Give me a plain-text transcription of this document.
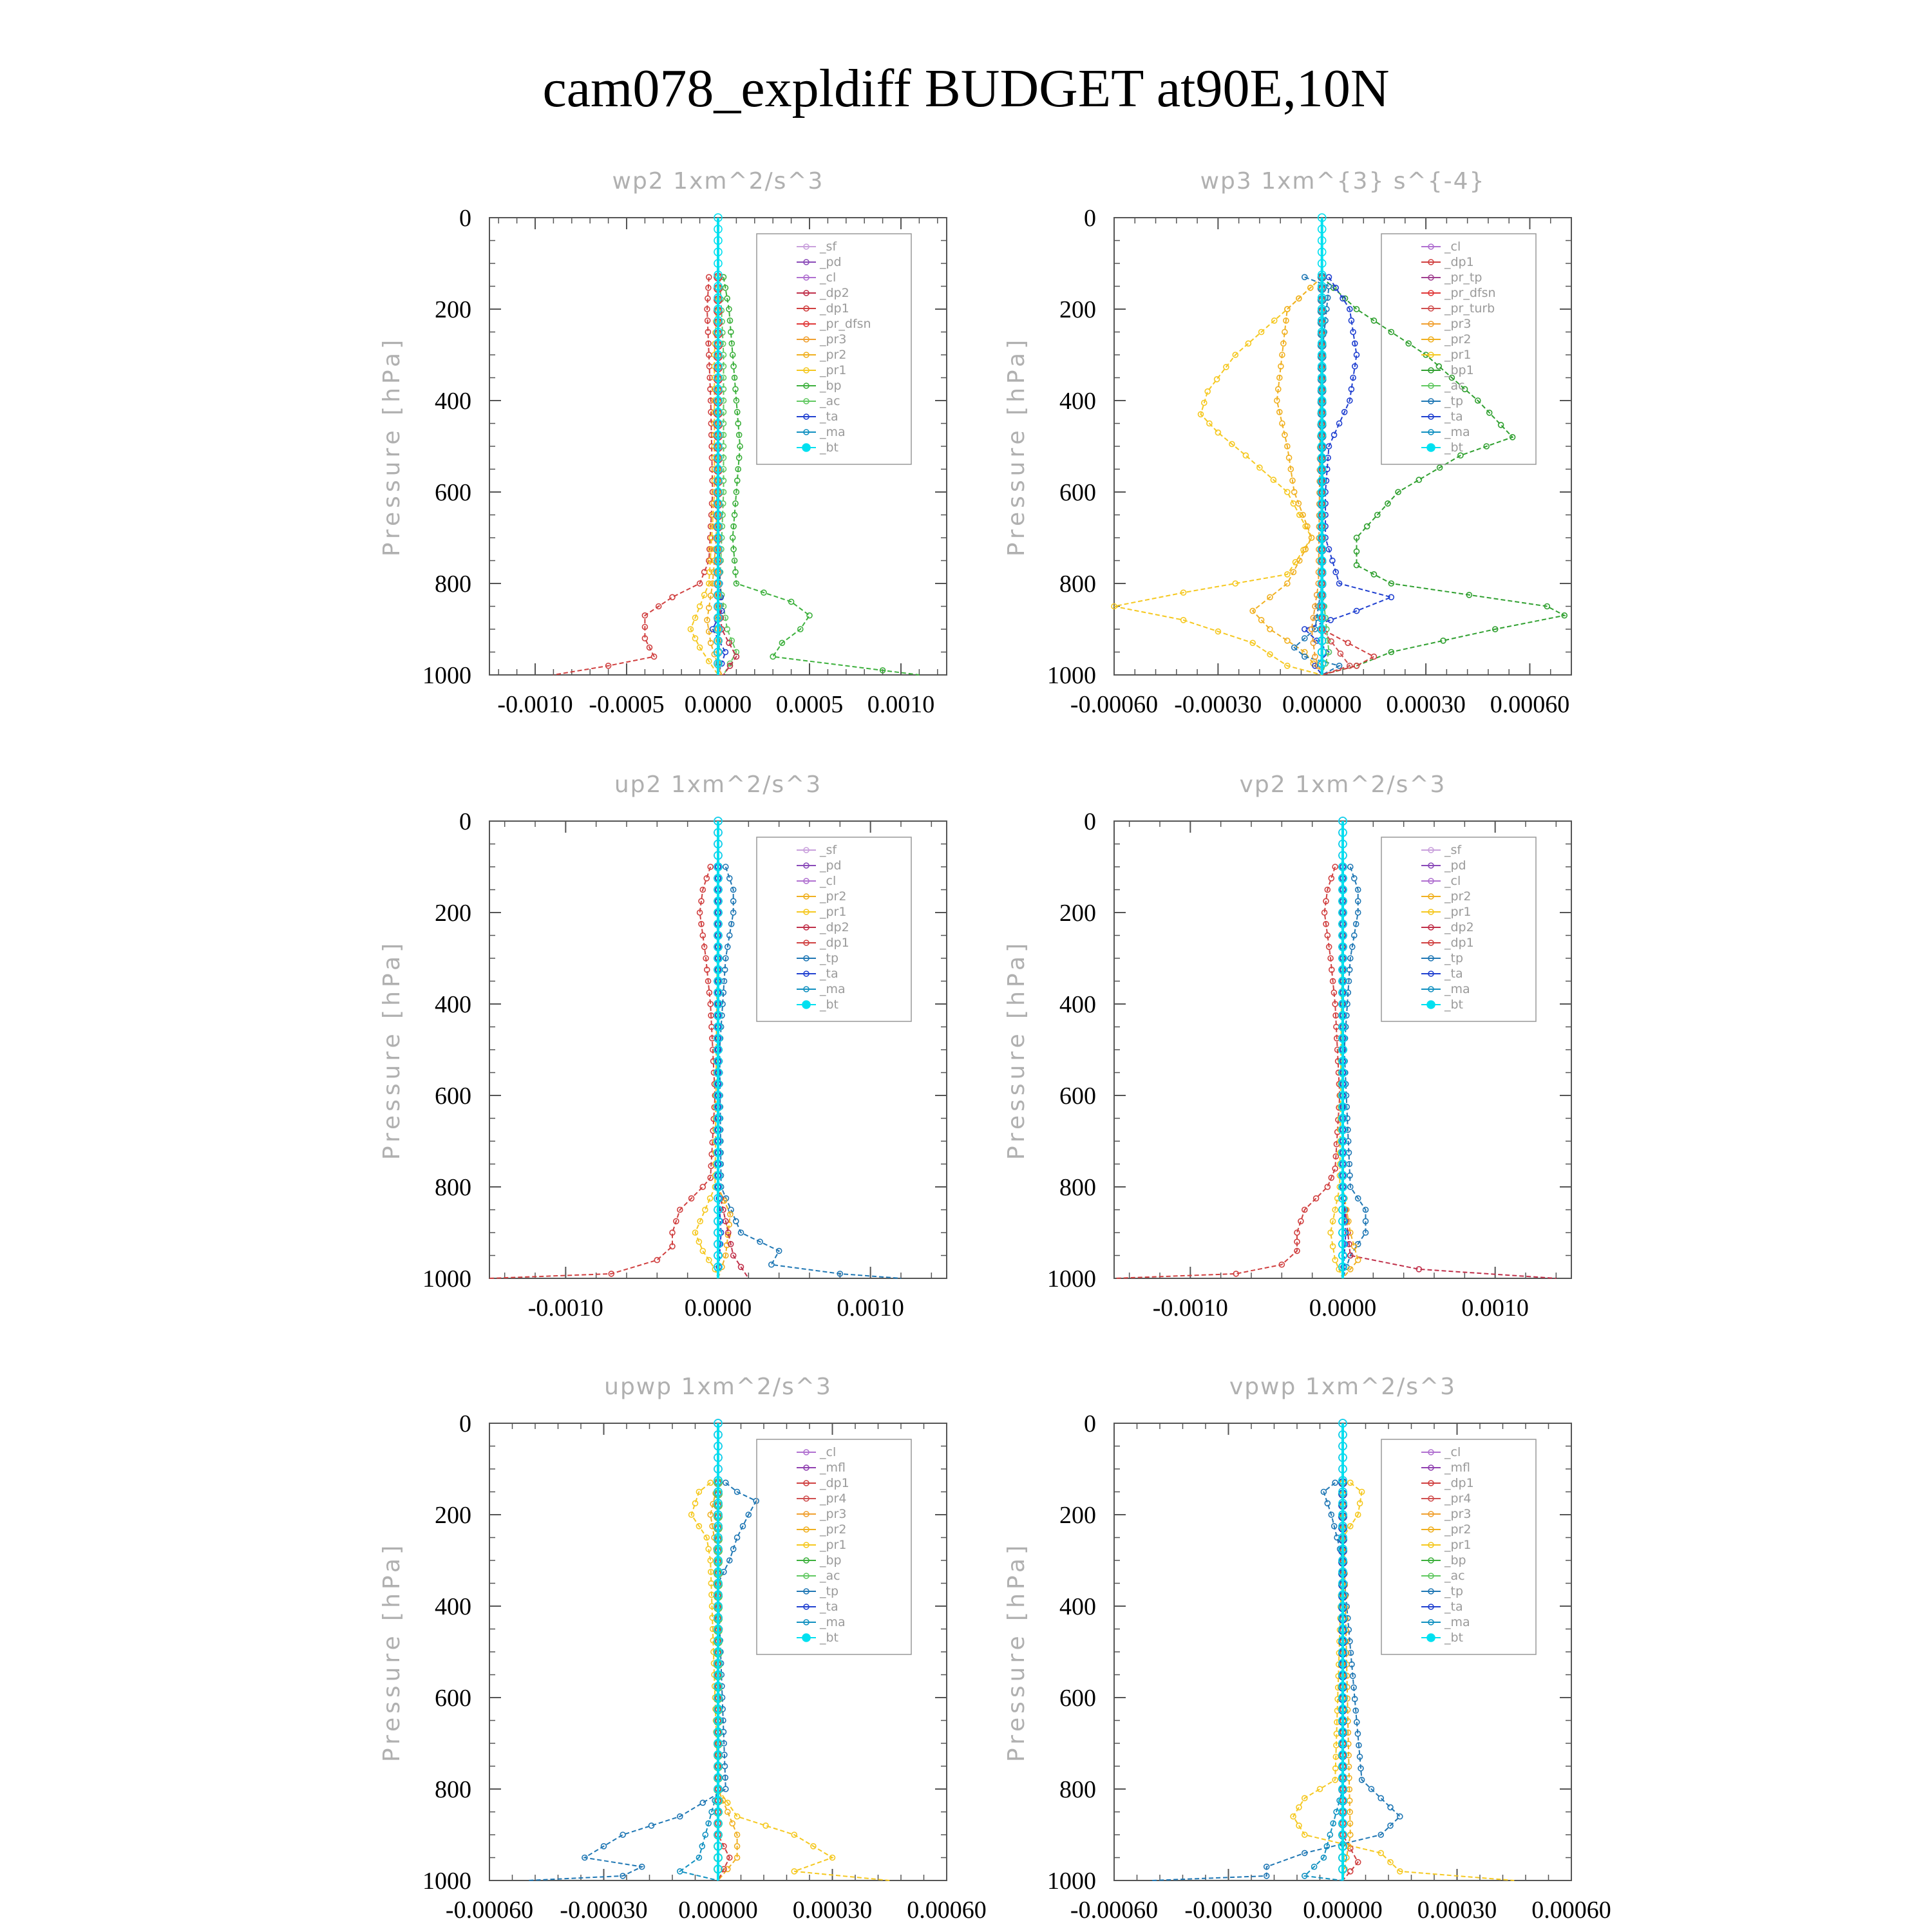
cam078_expldiff BUDGET at90E,10N
wp2 1xm^2/s^3
Pressure [hPa]
0
200
400
600
800
1000
-0.0010 -0.0005 0.0000 0.0005 0.0010
_sf
_pd
_cl
_dp2
_dp1
_pr_dfsn
_pr3
_pr2
_pr1
_bp
_ac
_ta
_ma
_bt
wp3 1xm^{3} s^{-4}
Pressure [hPa]
0
200
400
600
800
1000
-0.00060 -0.00030 0.00000 0.00030 0.00060
_cl
_dp1
_pr_tp
_pr_dfsn
_pr_turb
_pr3
_pr2
_pr1
_bp1
_ac
_tp
_ta
_ma
_bt
up2 1xm^2/s^3
Pressure [hPa]
0
200
400
600
800
1000
-0.0010	0.0000	0.0010
_sf
_pd
_cl
_pr2
_pr1
_dp2
_dp1
_tp
_ta
_ma
_bt
vp2 1xm^2/s^3
Pressure [hPa]
0
200
400
600
800
1000
-0.0010	0.0000	0.0010
_sf
_pd
_cl
_pr2
_pr1
_dp2
_dp1
_tp
_ta
_ma
_bt
upwp 1xm^2/s^3
Pressure [hPa]
0
200
400
600
800
1000
-0.00060 -0.00030 0.00000 0.00030 0.00060
_cl
_mfl
_dp1
_pr4
_pr3
_pr2
_pr1
_bp
_ac
_tp
_ta
_ma
_bt
vpwp 1xm^2/s^3
Pressure [hPa]
0
200
400
600
800
1000
-0.00060 -0.00030 0.00000 0.00030 0.00060
_cl
_mfl
_dp1
_pr4
_pr3
_pr2
_pr1
_bp
_ac
_tp
_ta
_ma
_bt
